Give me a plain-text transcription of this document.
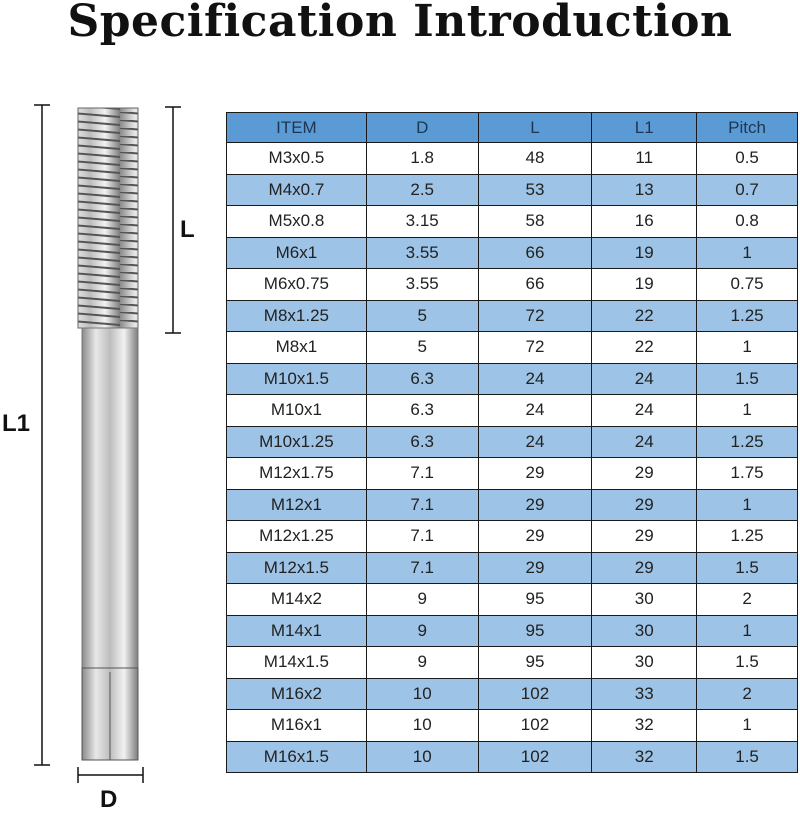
Specification Introduction
L1
L
D
ITEM	D	L	L1	Pitch
M3x0.5	1.8	48	11	0.5
M4x0.7	2.5	53	13	0.7
M5x0.8	3.15	58	16	0.8
M6x1	3.55	66	19	1
M6x0.75	3.55	66	19	0.75
M8x1.25	5	72	22	1.25
M8x1	5	72	22	1
M10x1.5	6.3	24	24	1.5
M10x1	6.3	24	24	1
M10x1.25	6.3	24	24	1.25
M12x1.75	7.1	29	29	1.75
M12x1	7.1	29	29	1
M12x1.25	7.1	29	29	1.25
M12x1.5	7.1	29	29	1.5
M14x2	9	95	30	2
M14x1	9	95	30	1
M14x1.5	9	95	30	1.5
M16x2	10	102	33	2
M16x1	10	102	32	1
M16x1.5	10	102	32	1.5
